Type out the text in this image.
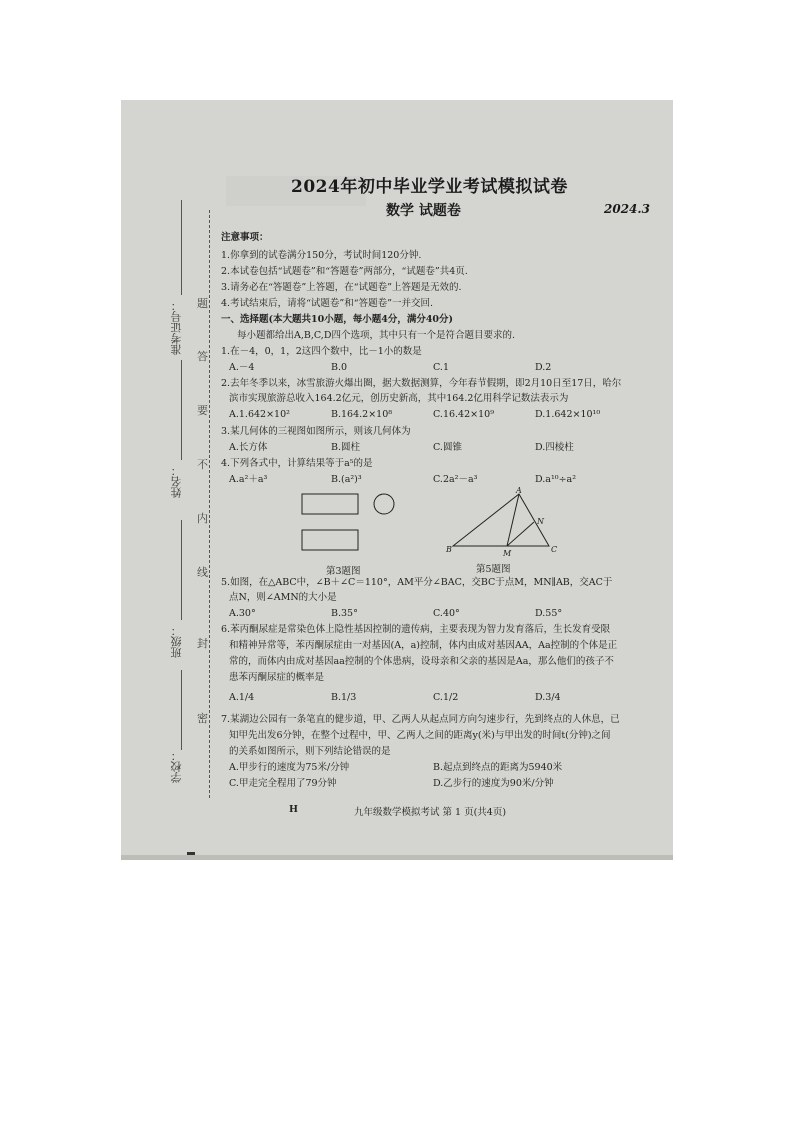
准考证号：
姓名：
班级：
学校：
题
答
要
不
内
线
封
密
2024年初中毕业学业考试模拟试卷
数学 试题卷	2024.3
注意事项：
1.你拿到的试卷满分150分，考试时间120分钟.
2.本试卷包括“试题卷”和“答题卷”两部分，“试题卷”共4页.
3.请务必在“答题卷”上答题，在“试题卷”上答题是无效的.
4.考试结束后，请将“试题卷”和“答题卷”一并交回.
一、选择题(本大题共10小题，每小题4分，满分40分)
每小题都给出A,B,C,D四个选项，其中只有一个是符合题目要求的.
1.在－4，0，1，2这四个数中，比－1小的数是
A.－4	B.0	C.1	D.2
2.去年冬季以来，冰雪旅游火爆出圈，据大数据测算，今年春节假期，即2月10日至17日，哈尔
滨市实现旅游总收入164.2亿元，创历史新高，其中164.2亿用科学记数法表示为
A.1.642×10²	B.164.2×10⁸	C.16.42×10⁹	D.1.642×10¹⁰
3.某几何体的三视图如图所示，则该几何体为
A.长方体	B.圆柱	C.圆锥	D.四棱柱
4.下列各式中，计算结果等于a⁵的是
A.a²＋a³	B.(a²)³	C.2a²－a³	D.a¹⁰÷a²
第3题图
A
N
B	M	C
第5题图
5.如图，在△ABC中，∠B＋∠C＝110°，AM平分∠BAC，交BC于点M，MN∥AB，交AC于
点N，则∠AMN的大小是
A.30°	B.35°	C.40°	D.55°
6.苯丙酮尿症是常染色体上隐性基因控制的遗传病，主要表现为智力发育落后，生长发育受限
和精神异常等，苯丙酮尿症由一对基因(A，a)控制，体内由成对基因AA，Aa控制的个体是正
常的，而体内由成对基因aa控制的个体患病，设母亲和父亲的基因是Aa，那么他们的孩子不
患苯丙酮尿症的概率是
A.1/4	B.1/3	C.1/2	D.3/4
7.某湖边公园有一条笔直的健步道，甲、乙两人从起点同方向匀速步行，先到终点的人休息，已
知甲先出发6分钟，在整个过程中，甲、乙两人之间的距离y(米)与甲出发的时间t(分钟)之间
的关系如图所示，则下列结论错误的是
A.甲步行的速度为75米/分钟	B.起点到终点的距离为5940米
C.甲走完全程用了79分钟	D.乙步行的速度为90米/分钟
H	九年级数学模拟考试 第 1 页(共4页)
